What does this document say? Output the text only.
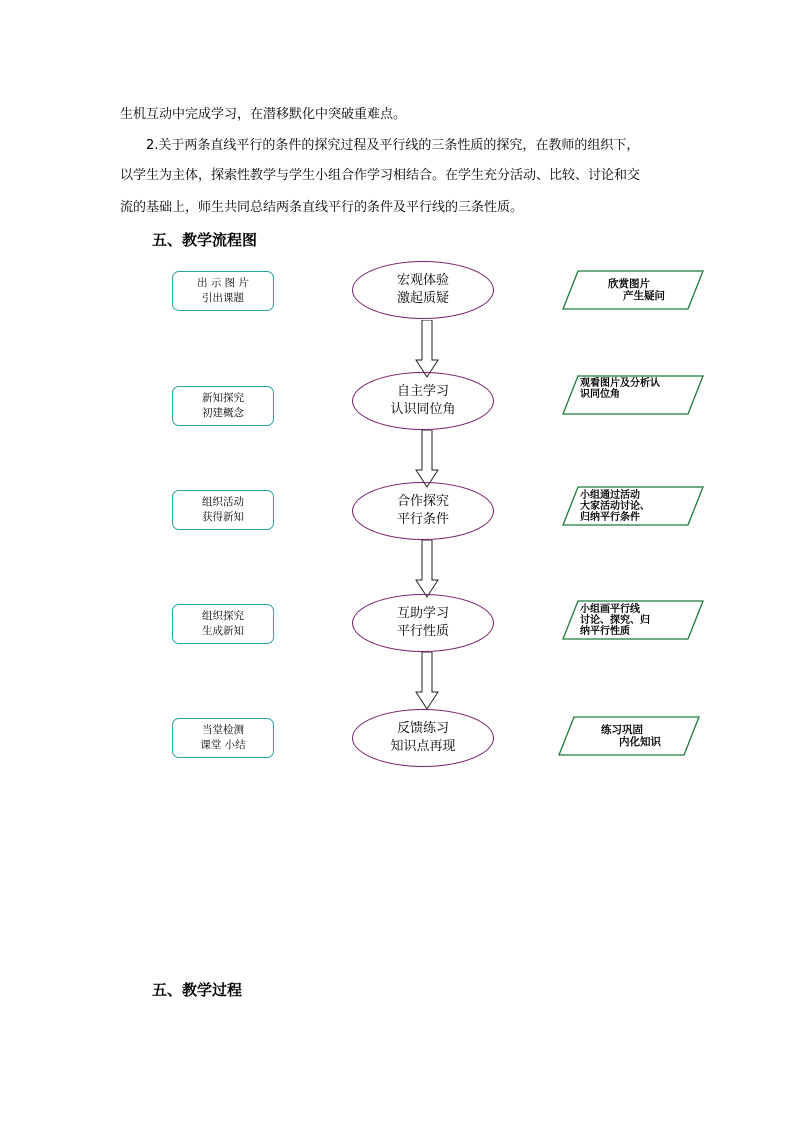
生机互动中完成学习，在潜移默化中突破重难点。

2.关于两条直线平行的条件的探究过程及平行线的三条性质的探究，在教师的组织下，

以学生为主体，探索性教学与学生小组合作学习相结合。在学生充分活动、比较、讨论和交

流的基础上，师生共同总结两条直线平行的条件及平行线的三条性质。

五、教学流程图
出 示 图 片
引出课题
宏观体验
激起质疑
欣赏图片
产生疑问
新知探究
初建概念
自主学习
认识同位角
观看图片及分析认
识同位角
组织活动
获得新知
合作探究
平行条件
小组通过活动
大家活动讨论、
归纳平行条件
组织探究
生成新知
互助学习
平行性质
小组画平行线
讨论、探究、归
纳平行性质
当堂检测
课堂 小结
反馈练习
知识点再现
练习巩固
内化知识
五、教学过程
